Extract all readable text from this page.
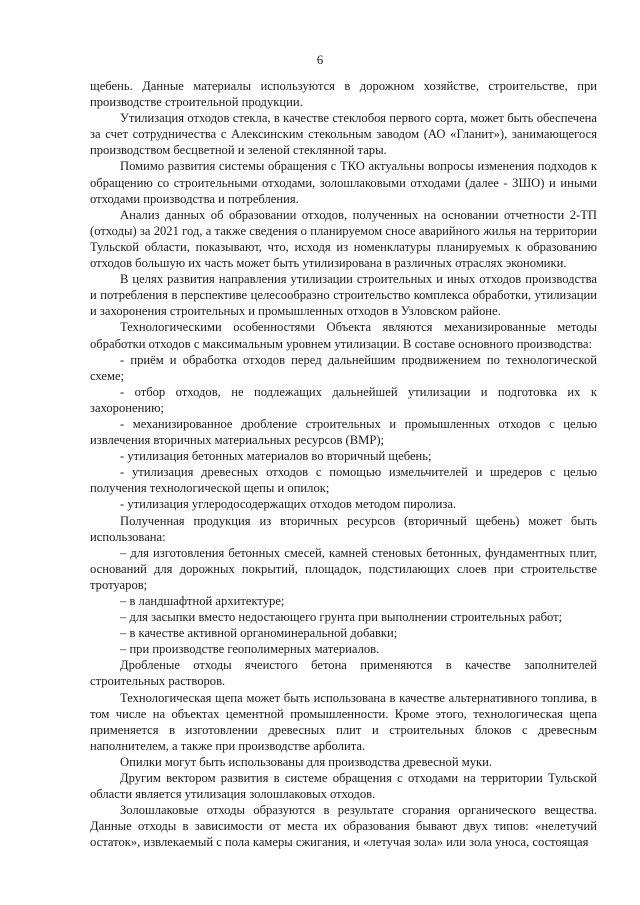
6

щебень. Данные материалы используются в дорожном хозяйстве, строительстве, при производстве строительной продукции.

Утилизация отходов стекла, в качестве стеклобоя первого сорта, может быть обеспечена за счет сотрудничества с Алексинским стекольным заводом (АО «Гланит»), занимающегося производством бесцветной и зеленой стеклянной тары.

Помимо развития системы обращения с ТКО актуальны вопросы изменения подходов к обращению со строительными отходами, золошлаковыми отходами (далее - ЗШО) и иными отходами производства и потребления.

Анализ данных об образовании отходов, полученных на основании отчетности 2-ТП (отходы) за 2021 год, а также сведения о планируемом сносе аварийного жилья на территории Тульской области, показывают, что, исходя из номенклатуры планируемых к образованию отходов большую их часть может быть утилизирована в различных отраслях экономики.

В целях развития направления утилизации строительных и иных отходов производства и потребления в перспективе целесообразно строительство комплекса обработки, утилизации и захоронения строительных и промышленных отходов в Узловском районе.

Технологическими особенностями Объекта являются механизированные методы обработки отходов с максимальным уровнем утилизации. В составе основного производства:

- приём и обработка отходов перед дальнейшим продвижением по технологической схеме;

- отбор отходов, не подлежащих дальнейшей утилизации и подготовка их к захоронению;

- механизированное дробление строительных и промышленных отходов с целью извлечения вторичных материальных ресурсов (ВМР);

- утилизация бетонных материалов во вторичный щебень;

- утилизация древесных отходов с помощью измельчителей и шредеров с целью получения технологической щепы и опилок;

- утилизация углеродосодержащих отходов методом пиролиза.

Полученная продукция из вторичных ресурсов (вторичный щебень) может быть использована:

– для изготовления бетонных смесей, камней стеновых бетонных, фундаментных плит, оснований для дорожных покрытий, площадок, подстилающих слоев при строительстве тротуаров;

– в ландшафтной архитектуре;

– для засыпки вместо недостающего грунта при выполнении строительных работ;

– в качестве активной органоминеральной добавки;

– при производстве геополимерных материалов.

Дробленые отходы ячеистого бетона применяются в качестве заполнителей строительных растворов.

Технологическая щепа может быть использована в качестве альтернативного топлива, в том числе на объектах цементной промышленности. Кроме этого, технологическая щепа применяется в изготовлении древесных плит и строительных блоков с древесным наполнителем, а также при производстве арболита.

Опилки могут быть использованы для производства древесной муки.

Другим вектором развития в системе обращения с отходами на территории Тульской области является утилизация золошлаковых отходов.

Золошлаковые отходы образуются в результате сгорания органического вещества. Данные отходы в зависимости от места их образования бывают двух типов: «нелетучий остаток», извлекаемый с пола камеры сжигания, и «летучая зола» или зола уноса, состоящая
